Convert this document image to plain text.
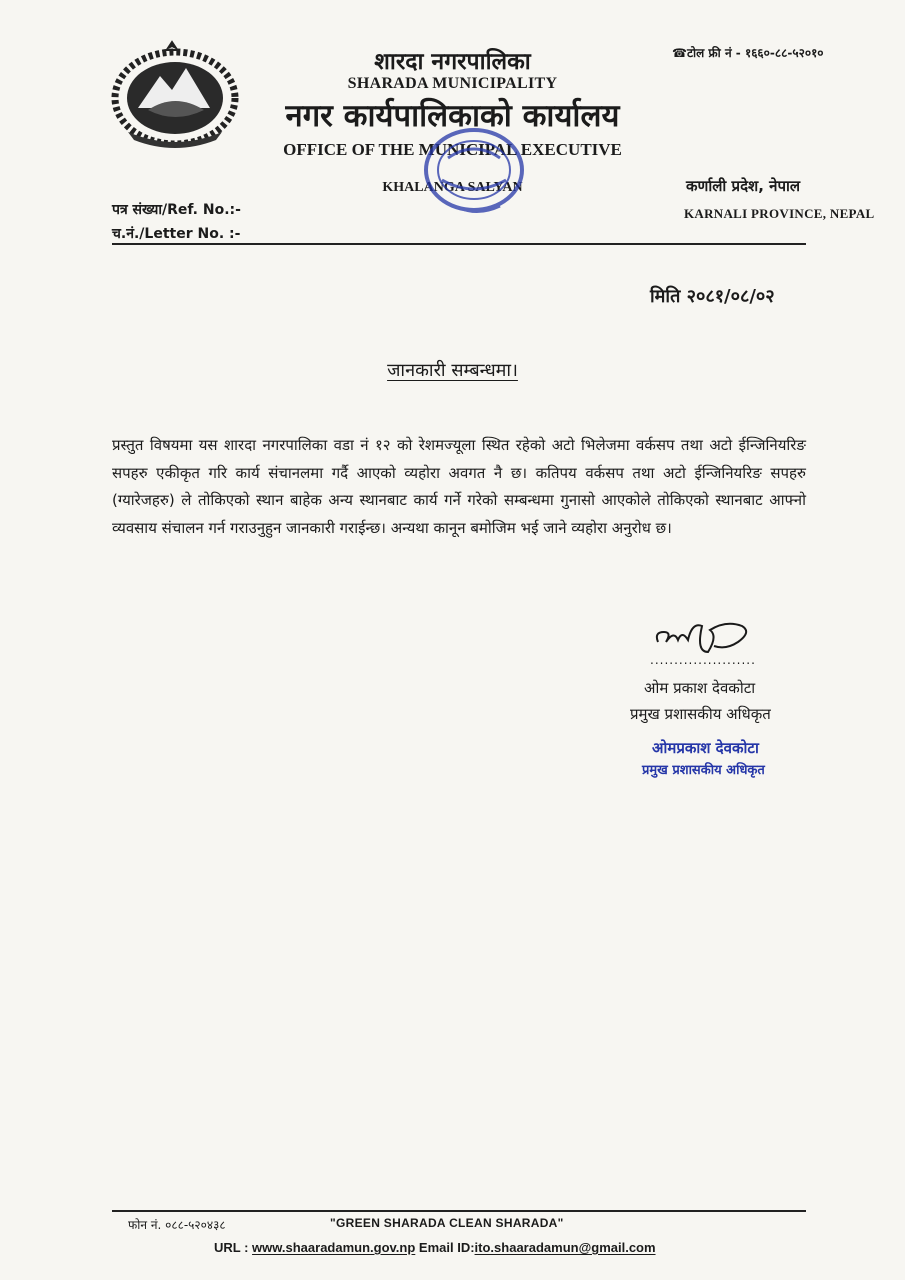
शारदा नगरपालिका
SHARADA MUNICIPALITY
नगर कार्यपालिकाको कार्यालय
OFFICE OF THE MUNICIPAL EXECUTIVE
KHALANGA SALYAN
☎टोल फ्री नं - १६६०-८८-५२०१०
कर्णाली प्रदेश, नेपाल
KARNALI PROVINCE, NEPAL
पत्र संख्या/Ref. No.:-
च.नं./Letter No. :-
मिति २०८१/०८/०२
जानकारी सम्बन्धमा।
प्रस्तुत विषयमा यस शारदा नगरपालिका वडा नं १२ को रेशमज्यूला स्थित रहेको अटो भिलेजमा वर्कसप तथा अटो ईन्जिनियरिङ सपहरु एकीकृत गरि कार्य संचानलमा गर्दै आएको व्यहोरा अवगत नै छ। कतिपय वर्कसप तथा अटो ईन्जिनियरिङ सपहरु (ग्यारेजहरु) ले तोकिएको स्थान बाहेक अन्य स्थानबाट कार्य गर्ने गरेको सम्बन्धमा गुनासो आएकोले तोकिएको स्थानबाट आफ्नो व्यवसाय संचालन गर्न गराउनुहुन जानकारी गराईन्छ। अन्यथा कानून बमोजिम भई जाने व्यहोरा अनुरोध छ।
......................
ओम प्रकाश देवकोटा
प्रमुख प्रशासकीय अधिकृत
ओमप्रकाश देवकोटा
प्रमुख प्रशासकीय अधिकृत
फोन नं. ०८८-५२०४३८	"GREEN SHARADA CLEAN SHARADA"
URL : www.shaaradamun.gov.np Email ID:ito.shaaradamun@gmail.com
